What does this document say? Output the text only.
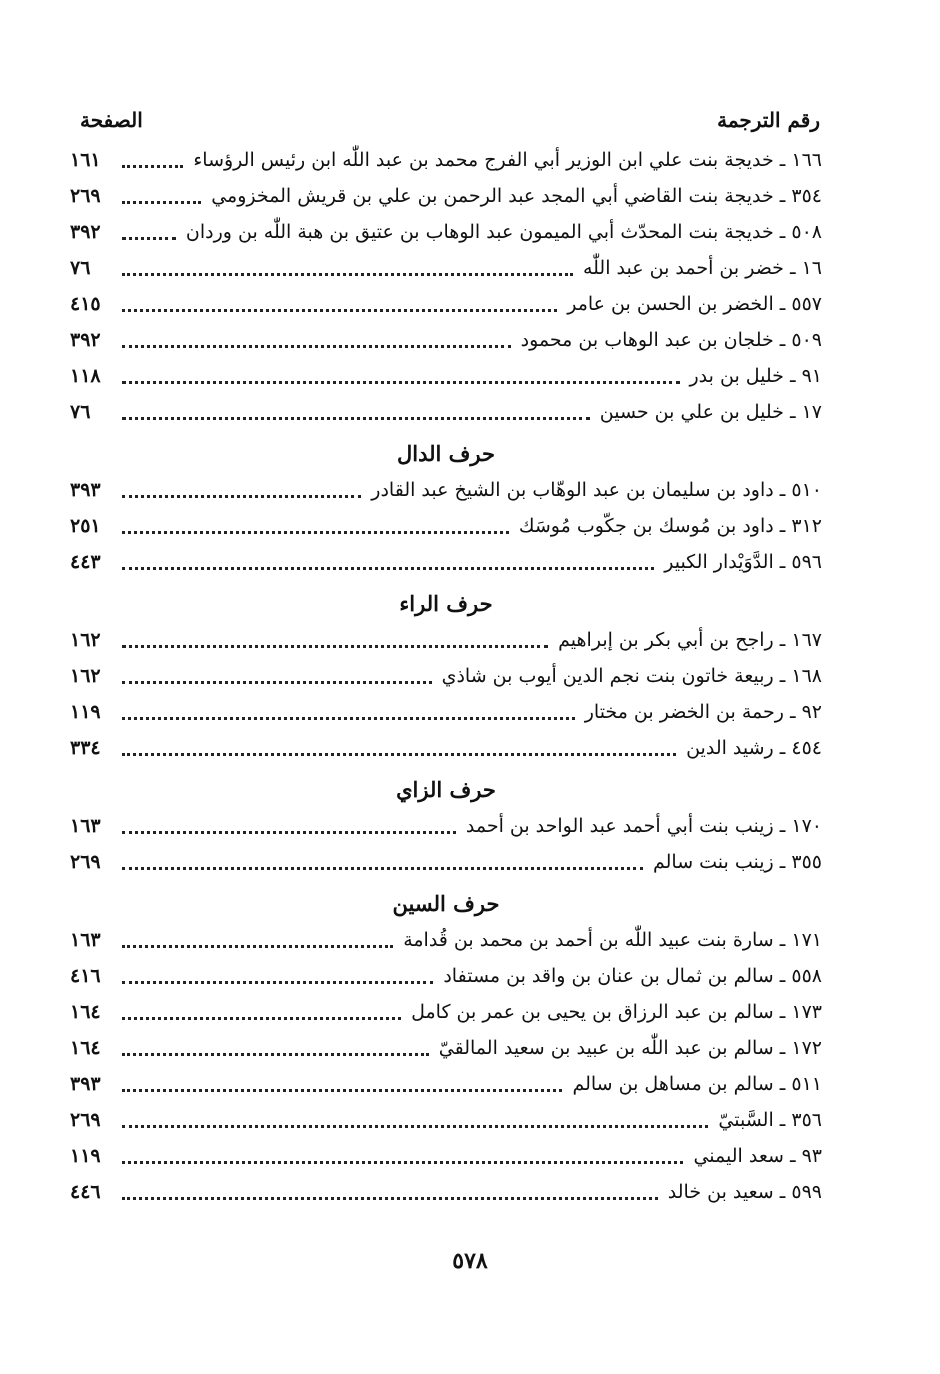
رقم الترجمة
الصفحة
١٦٦ ـ خديجة بنت علي ابن الوزير أبي الفرج محمد بن عبد اللّٰه ابن رئيس الرؤساء
١٦١
٣٥٤ ـ خديجة بنت القاضي أبي المجد عبد الرحمن بن علي بن قريش المخزومي
٢٦٩
٥٠٨ ـ خديجة بنت المحدّث أبي الميمون عبد الوهاب بن عتيق بن هبة اللّٰه بن وردان
٣٩٢
١٦ ـ خضر بن أحمد بن عبد اللّٰه
٧٦
٥٥٧ ـ الخضر بن الحسن بن عامر
٤١٥
٥٠٩ ـ خلجان بن عبد الوهاب بن محمود
٣٩٢
٩١ ـ خليل بن بدر
١١٨
١٧ ـ خليل بن علي بن حسين
٧٦
حرف الدال
٥١٠ ـ داود بن سليمان بن عبد الوهّاب بن الشيخ عبد القادر
٣٩٣
٣١٢ ـ داود بن مُوسك بن جكّوب مُوسَك
٢٥١
٥٩٦ ـ الدَّوَيْدار الكبير
٤٤٣
حرف الراء
١٦٧ ـ راجح بن أبي بكر بن إبراهيم
١٦٢
١٦٨ ـ ربيعة خاتون بنت نجم الدين أيوب بن شاذي
١٦٢
٩٢ ـ رحمة بن الخضر بن مختار
١١٩
٤٥٤ ـ رشيد الدين
٣٣٤
حرف الزاي
١٧٠ ـ زينب بنت أبي أحمد عبد الواحد بن أحمد
١٦٣
٣٥٥ ـ زينب بنت سالم
٢٦٩
حرف السين
١٧١ ـ سارة بنت عبيد اللّٰه بن أحمد بن محمد بن قُدامة
١٦٣
٥٥٨ ـ سالم بن ثمال بن عنان بن واقد بن مستفاد
٤١٦
١٧٣ ـ سالم بن عبد الرزاق بن يحيى بن عمر بن كامل
١٦٤
١٧٢ ـ سالم بن عبد اللّٰه بن عبيد بن سعيد المالقيّ
١٦٤
٥١١ ـ سالم بن مساهل بن سالم
٣٩٣
٣٥٦ ـ السَّبتيّ
٢٦٩
٩٣ ـ سعد اليمني
١١٩
٥٩٩ ـ سعيد بن خالد
٤٤٦
٥٧٨
